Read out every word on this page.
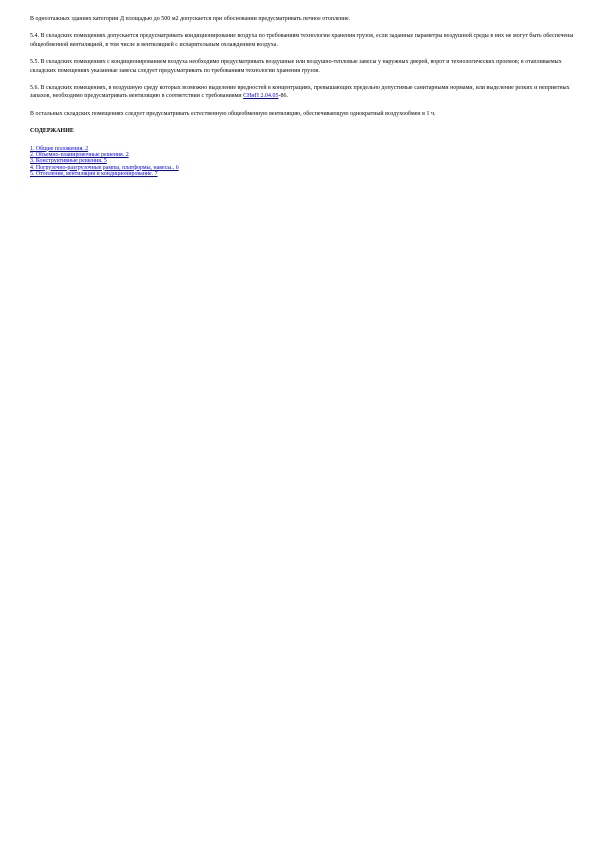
В одноэтажных зданиях категории Д площадью до 500 м2 допускается при обосновании предусматривать печное отопление.

5.4. В складских помещениях допускается предусматривать кондиционирование воздуха по требованиям технологии хранения грузов, если заданные параметры воздушной среды в них не могут быть обеспечены общеобменной вентиляцией, в том числе и вентиляцией с испарительным охлаждением воздуха.

5.5. В складских помещениях с кондиционированием воздуха необходимо предусматривать воздушные или воздушно-тепловые завесы у наружных дверей, ворот и технологических проемов; в отапливаемых складских помещениях указанные завесы следует предусматривать по требованиям технологии хранения грузов.

5.6. В складских помещениях, в воздушную среду которых возможно выделение вредностей в концентрациях, превышающих предельно допустимые санитарными нормами, или выделение резких и неприятных запахов, необходимо предусматривать вентиляцию в соответствии с требованиями СНиП 2.04.05-86.

В остальных складских помещениях следует предусматривать естественную общеобменную вентиляцию, обеспечивающую однократный воздухообмен в 1 ч.

СОДЕРЖАНИЕ

1. Общие положения. 2
2. Объемно-планировочные решения. 2
3. Конструктивные решения. 5
4. Погрузочно-разгрузочные рампы, платформы, навесы.. 6
5. Отопление, вентиляция и кондиционирование. 7
